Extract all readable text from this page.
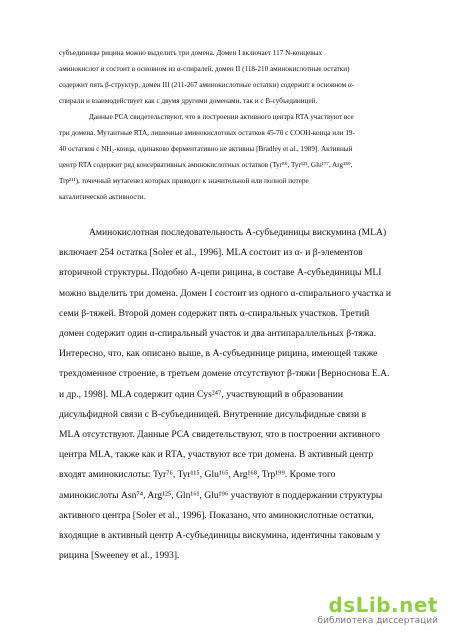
субъединицы рицина можно выделить три домена. Домен I включает 117 N-концевых
аминокислот и состоит в основном из α-спиралей, домен II (118-210 аминокислотные остатки)
содержит пять β-структур, домен III (211-267 аминокислотные остатки) содержит в основном α-
спирали и взаимодействует как с двумя другими доменами, так и с B-субъединицей.

Данные РСА свидетельствуют, что в построении активного центра RTA участвуют все
три домена. Мутантные RTA, лишенные аминокислотных остатков 45-70 с COOH-конца или 19-
40 остатков с NH₂-конца, одинаково ферментативно не активны [Bradley et al., 1989]. Активный
центр RTA содержит ряд консервативных аминокислотных остатков (Tyr⁸⁰, Tyr¹²³, Glu¹⁷⁷, Arg¹⁸⁰,
Trp²¹¹), точечный мутагенез которых приводит к значительной или полной потере
каталитической активности.

Аминокислотная последовательность A-субъединицы вискумина (MLA)
включает 254 остатка [Soler et al., 1996]. MLA состоит из α- и β-элементов
вторичной структуры. Подобно A-цепи рицина, в составе A-субъединицы MLI
можно выделить три домена. Домен I состоит из одного α-спирального участка и
семи β-тяжей. Второй домен содержит пять α-спиральных участков. Третий
домен содержит один α-спиральный участок и два антипараллельных β-тяжа.
Интересно, что, как описано выше, в A-субъединице рицина, имеющей также
трехдоменное строение, в третьем домене отсутствуют β-тяжи [Верноснова Е.А.
и др., 1998]. MLA содержит один Cys²⁴⁷, участвующий в образовании
дисульфидной связи с B-субъединицей. Внутренние дисульфидные связи в
MLA отсутствуют. Данные РСА свидетельствуют, что в построении активного
центра MLA, также как и RTA, участвуют все три домена. В активный центр
входят аминокислоты: Tyr⁷⁶, Tyr¹¹⁵, Glu¹⁶⁵, Arg¹⁶⁸, Trp¹⁹⁹. Кроме того
аминокислоты Asn⁷⁴, Arg¹²⁵, Gln¹⁶¹, Glu¹⁹⁶ участвуют в поддержании структуры
активного центра [Soler et al., 1996]. Показано, что аминокислотные остатки,
входящие в активный центр A-субъединицы вискумина, идентичны таковым у
рицина [Sweeney et al., 1993].
dsLib.net
библиотека диссертаций
